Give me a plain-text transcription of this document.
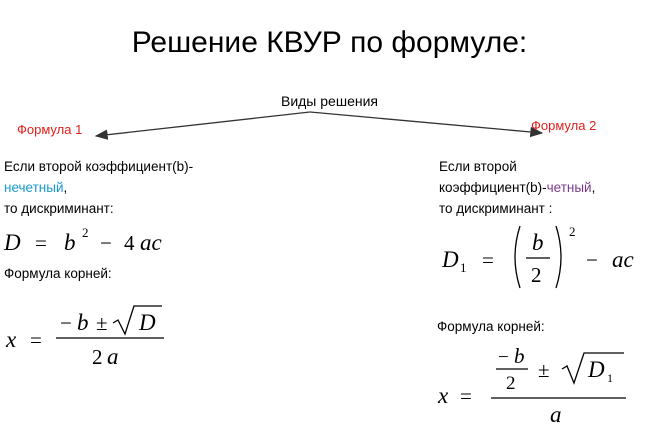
Решение КВУР по формуле:
Виды решения
Формула 1	Формула 2
Если второй коэффициент(b)-
нечетный,
то дискриминант:
D = b 2 − 4 ac
Формула корней:
x =
− b ± D
2 a
Если второй
коэффициент(b)-четный,
то дискриминант :
D 1 =
b
2
2
− ac
Формула корней:
x =
− b
2
± D 1
a
